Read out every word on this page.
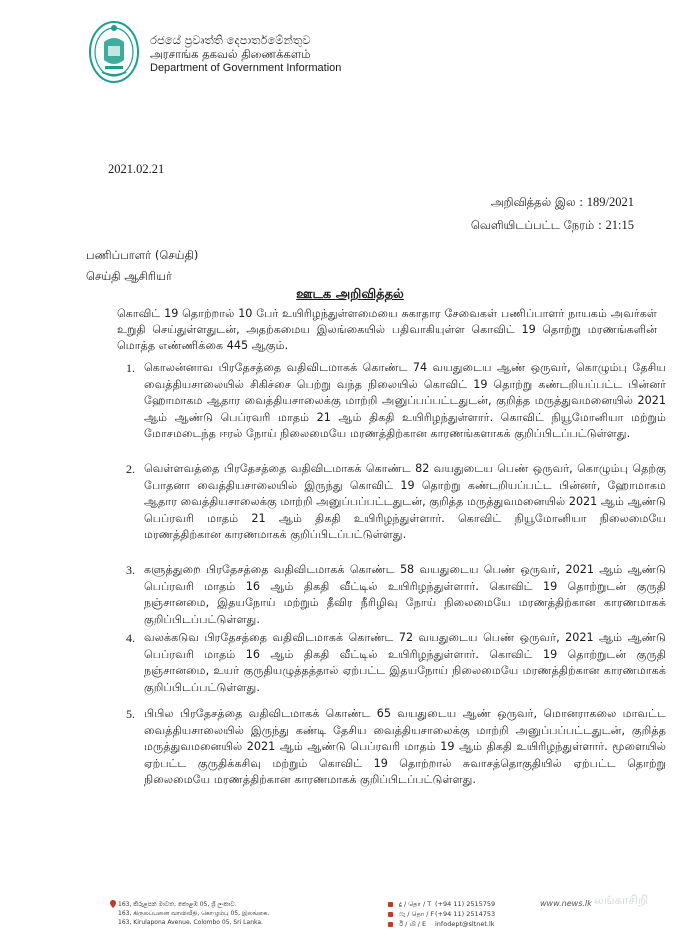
රජයේ ප්‍රවෘත්ති දෙපාර්තමේන්තුව
அரசாங்க தகவல் திணைக்களம்
Department of Government Information
2021.02.21
அறிவித்தல் இல : 189/2021
வெளியிடப்பட்ட நேரம் : 21:15
பணிப்பாளர் (செய்தி)
செய்தி ஆசிரியர்
ஊடக அறிவித்தல்
கொவிட் 19 தொற்றால் 10 பேர் உயிரிழந்துள்ளமையை சுகாதார சேவைகள் பணிப்பாளர் நாயகம் அவர்கள் உறுதி செய்துள்ளதுடன், அதற்கமைய இலங்கையில் பதிவாகியுள்ள கொவிட் 19 தொற்று மரணங்களின் மொத்த எண்ணிக்கை 445 ஆகும்.
1. கொலன்னாவ பிரதேசத்தை வதிவிடமாகக் கொண்ட 74 வயதுடைய ஆண் ஒருவர், கொழும்பு தேசிய வைத்தியசாலையில் சிகிச்சை பெற்று வந்த நிலையில் கொவிட் 19 தொற்று கண்டறியப்பட்ட பின்னர் ஹோமாகம ஆதார வைத்தியசாலைக்கு மாற்றி அனுப்பப்பட்டதுடன், குறித்த மருத்துவமனையில் 2021 ஆம் ஆண்டு பெப்ரவரி மாதம் 21 ஆம் திகதி உயிரிழந்துள்ளார். கொவிட் நியூமோனியா மற்றும் மோசமடைந்த ஈரல் நோய் நிலைமையே மரணத்திற்கான காரணங்களாகக் குறிப்பிடப்பட்டுள்ளது.
2. வெள்ளவத்தை பிரதேசத்தை வதிவிடமாகக் கொண்ட 82 வயதுடைய பெண் ஒருவர், கொழும்பு தெற்கு போதனா வைத்தியசாலையில் இருந்து கொவிட் 19 தொற்று கண்டறியப்பட்ட பின்னர், ஹோமாகம ஆதார வைத்தியசாலைக்கு மாற்றி அனுப்பப்பட்டதுடன், குறித்த மருத்துவமனையில் 2021 ஆம் ஆண்டு பெப்ரவரி மாதம் 21 ஆம் திகதி உயிரிழந்துள்ளார். கொவிட் நியூமோனியா நிலைமையே மரணத்திற்கான காரணமாகக் குறிப்பிடப்பட்டுள்ளது.
3. களுத்துறை பிரதேசத்தை வதிவிடமாகக் கொண்ட 58 வயதுடைய பெண் ஒருவர், 2021 ஆம் ஆண்டு பெப்ரவரி மாதம் 16 ஆம் திகதி வீட்டில் உயிரிழந்துள்ளார். கொவிட் 19 தொற்றுடன் குருதி நஞ்சானமை, இதயநோய் மற்றும் தீவிர நீரிழிவு நோய் நிலைமையே மரணத்திற்கான காரணமாகக் குறிப்பிடப்பட்டுள்ளது.
4. வலக்கடுவ பிரதேசத்தை வதிவிடமாகக் கொண்ட 72 வயதுடைய பெண் ஒருவர், 2021 ஆம் ஆண்டு பெப்ரவரி மாதம் 16 ஆம் திகதி வீட்டில் உயிரிழந்துள்ளார். கொவிட் 19 தொற்றுடன் குருதி நஞ்சானமை, உயர் குருதியழுத்தத்தால் ஏற்பட்ட இதயநோய் நிலைமையே மரணத்திற்கான காரணமாகக் குறிப்பிடப்பட்டுள்ளது.
5. பிபில பிரதேசத்தை வதிவிடமாகக் கொண்ட 65 வயதுடைய ஆண் ஒருவர், மொனராகலை மாவட்ட வைத்தியசாலையில் இருந்து கண்டி தேசிய வைத்தியசாலைக்கு மாற்றி அனுப்பப்பட்டதுடன், குறித்த மருத்துவமனையில் 2021 ஆம் ஆண்டு பெப்ரவரி மாதம் 19 ஆம் திகதி உயிரிழந்துள்ளார். மூளையில் ஏற்பட்ட குருதிக்கசிவு மற்றும் கொவிட் 19 தொற்றால் சுவாசத்தொகுதியில் ஏற்பட்ட தொற்று நிலைமையே மரணத்திற்கான காரணமாகக் குறிப்பிடப்பட்டுள்ளது.
163, කිරුළපන මාවත, කොළඹ 05, ශ්‍රී ලංකාව.
163, கிருலப்பனை வாவிவீதி, கொழும்பு 05, இலங்கை.
163, Kirulapona Avenue, Colombo 05, Sri Lanka.
දු / தொ / T (+94 11) 2515759
ෆැ / தொ / F(+94 11) 2514753
ඊ / மி / E infodept@sltnet.lk
www.news.lk லங்காசிறி
